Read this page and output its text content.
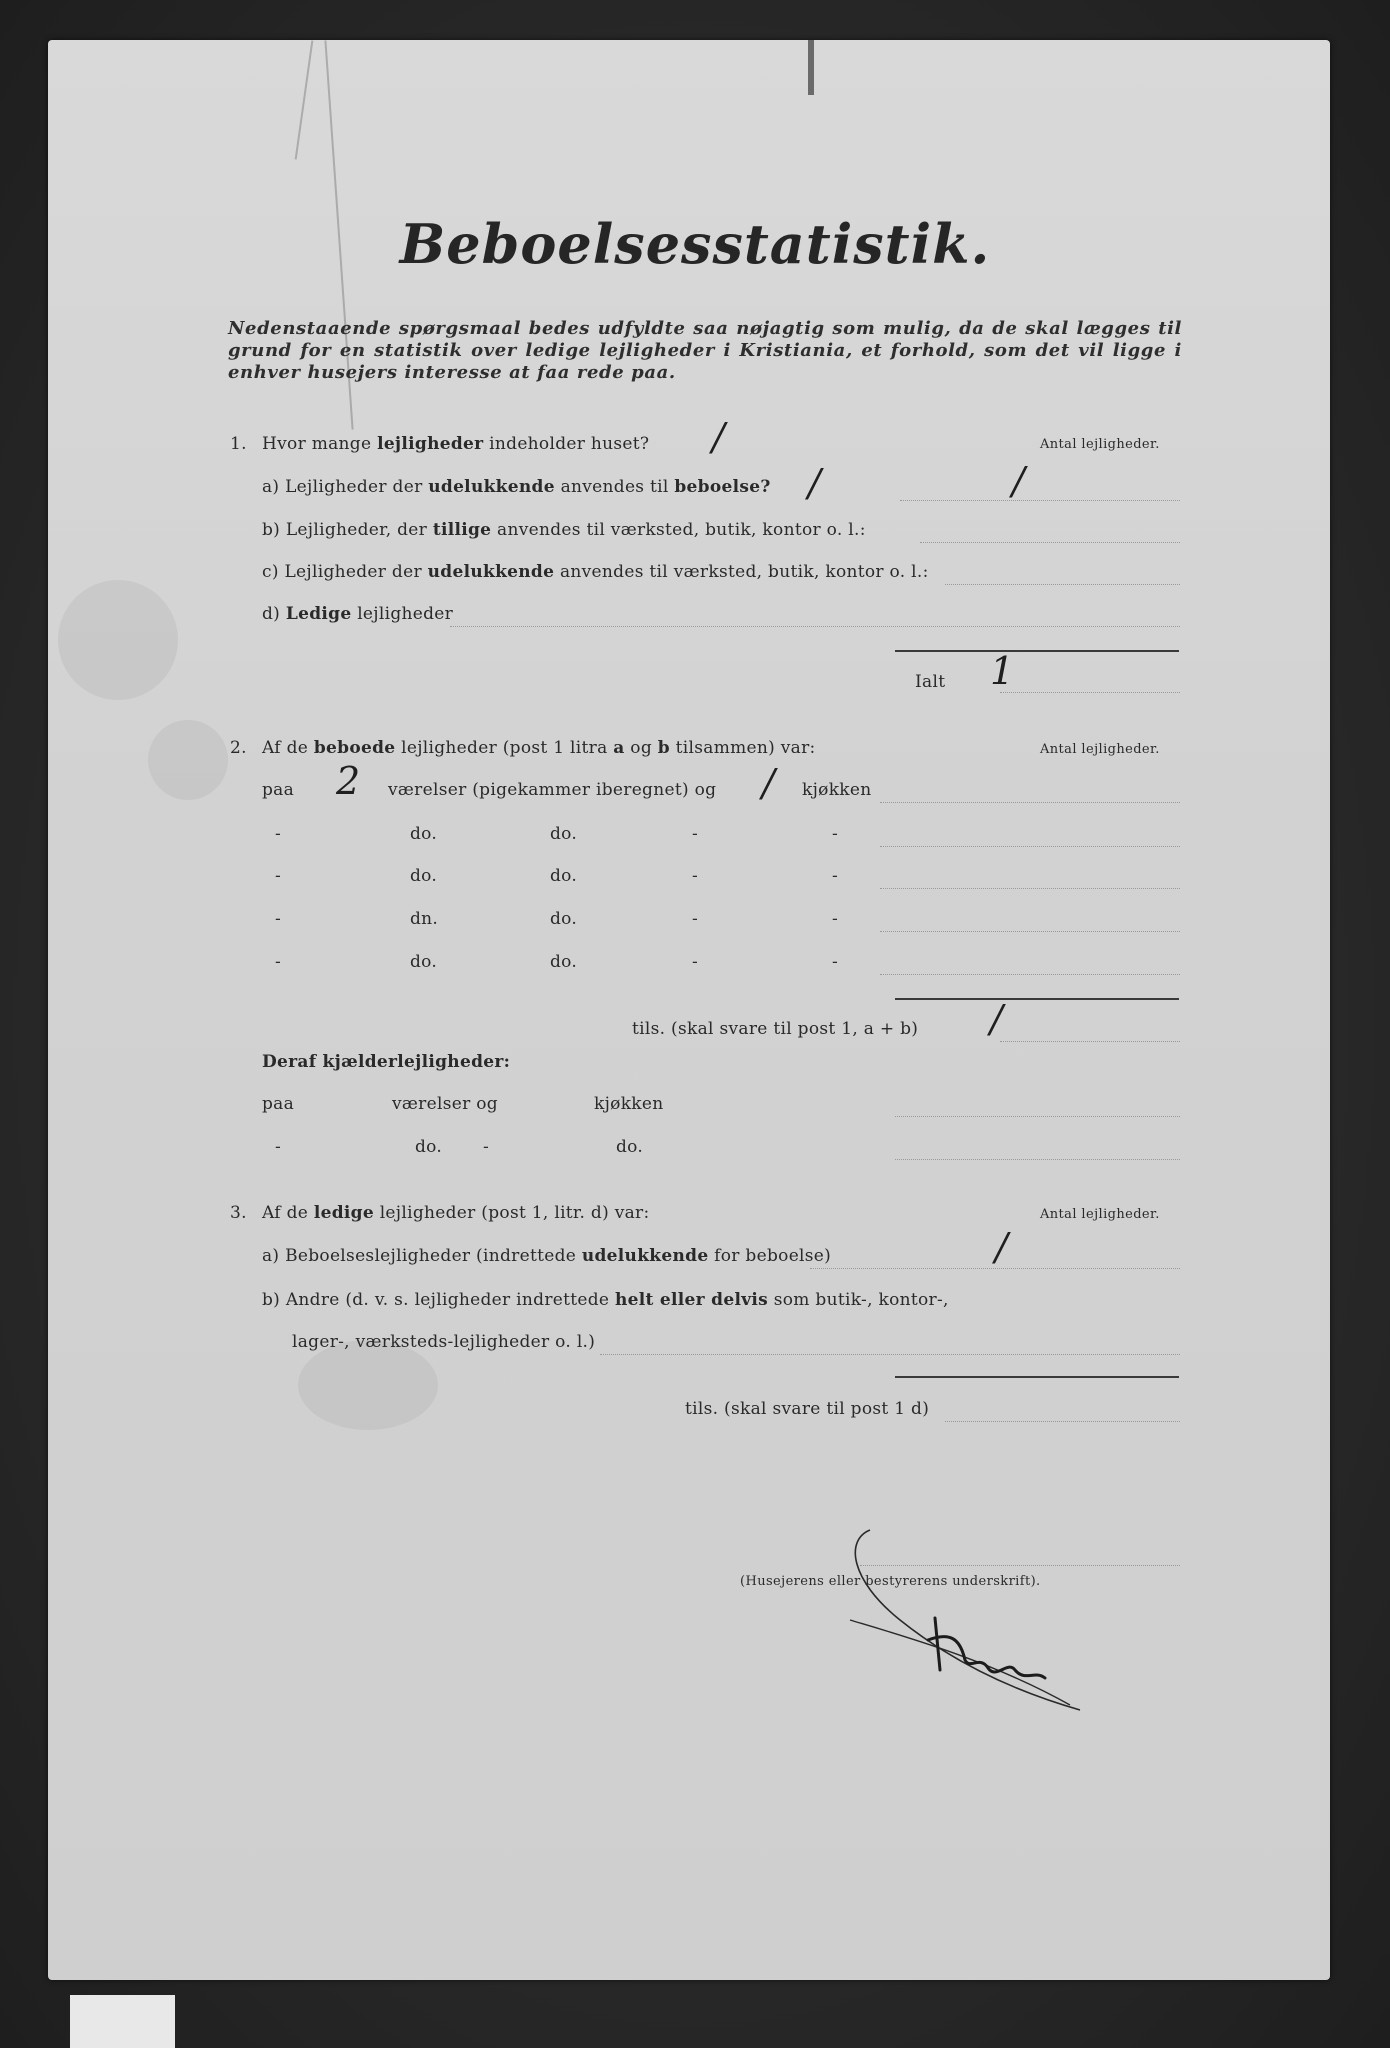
Beboelsesstatistik.
Nedenstaaende spørgsmaal bedes udfyldte saa nøjagtig som mulig, da de skal lægges til grund for en statistik over ledige lejligheder i Kristiania, et forhold, som det vil ligge i enhver husejers interesse at faa rede paa.
1. Hvor mange lejligheder indeholder huset? /	Antal lejligheder.
a) Lejligheder der udelukkende anvendes til beboelse? /	/
b) Lejligheder, der tillige anvendes til værksted, butik, kontor o. l.:
c) Lejligheder der udelukkende anvendes til værksted, butik, kontor o. l.:
d) Ledige lejligheder
Ialt 1
2. Af de beboede lejligheder (post 1 litra a og b tilsammen) var:	Antal lejligheder.
paa 2 værelser (pigekammer iberegnet) og / kjøkken
-	do.	do.	-	-
-	do.	do.	-	-
-	dn.	do.	-	-
-	do.	do.	-	-
tils. (skal svare til post 1, a + b) /
Deraf kjælderlejligheder:
paa	værelser og	kjøkken
-	do. -	do.
3. Af de ledige lejligheder (post 1, litr. d) var:	Antal lejligheder.
a) Beboelseslejligheder (indrettede udelukkende for beboelse)	/
b) Andre (d. v. s. lejligheder indrettede helt eller delvis som butik-, kontor-,
lager-, værksteds-lejligheder o. l.)
tils. (skal svare til post 1 d)
(Husejerens eller bestyrerens underskrift).
